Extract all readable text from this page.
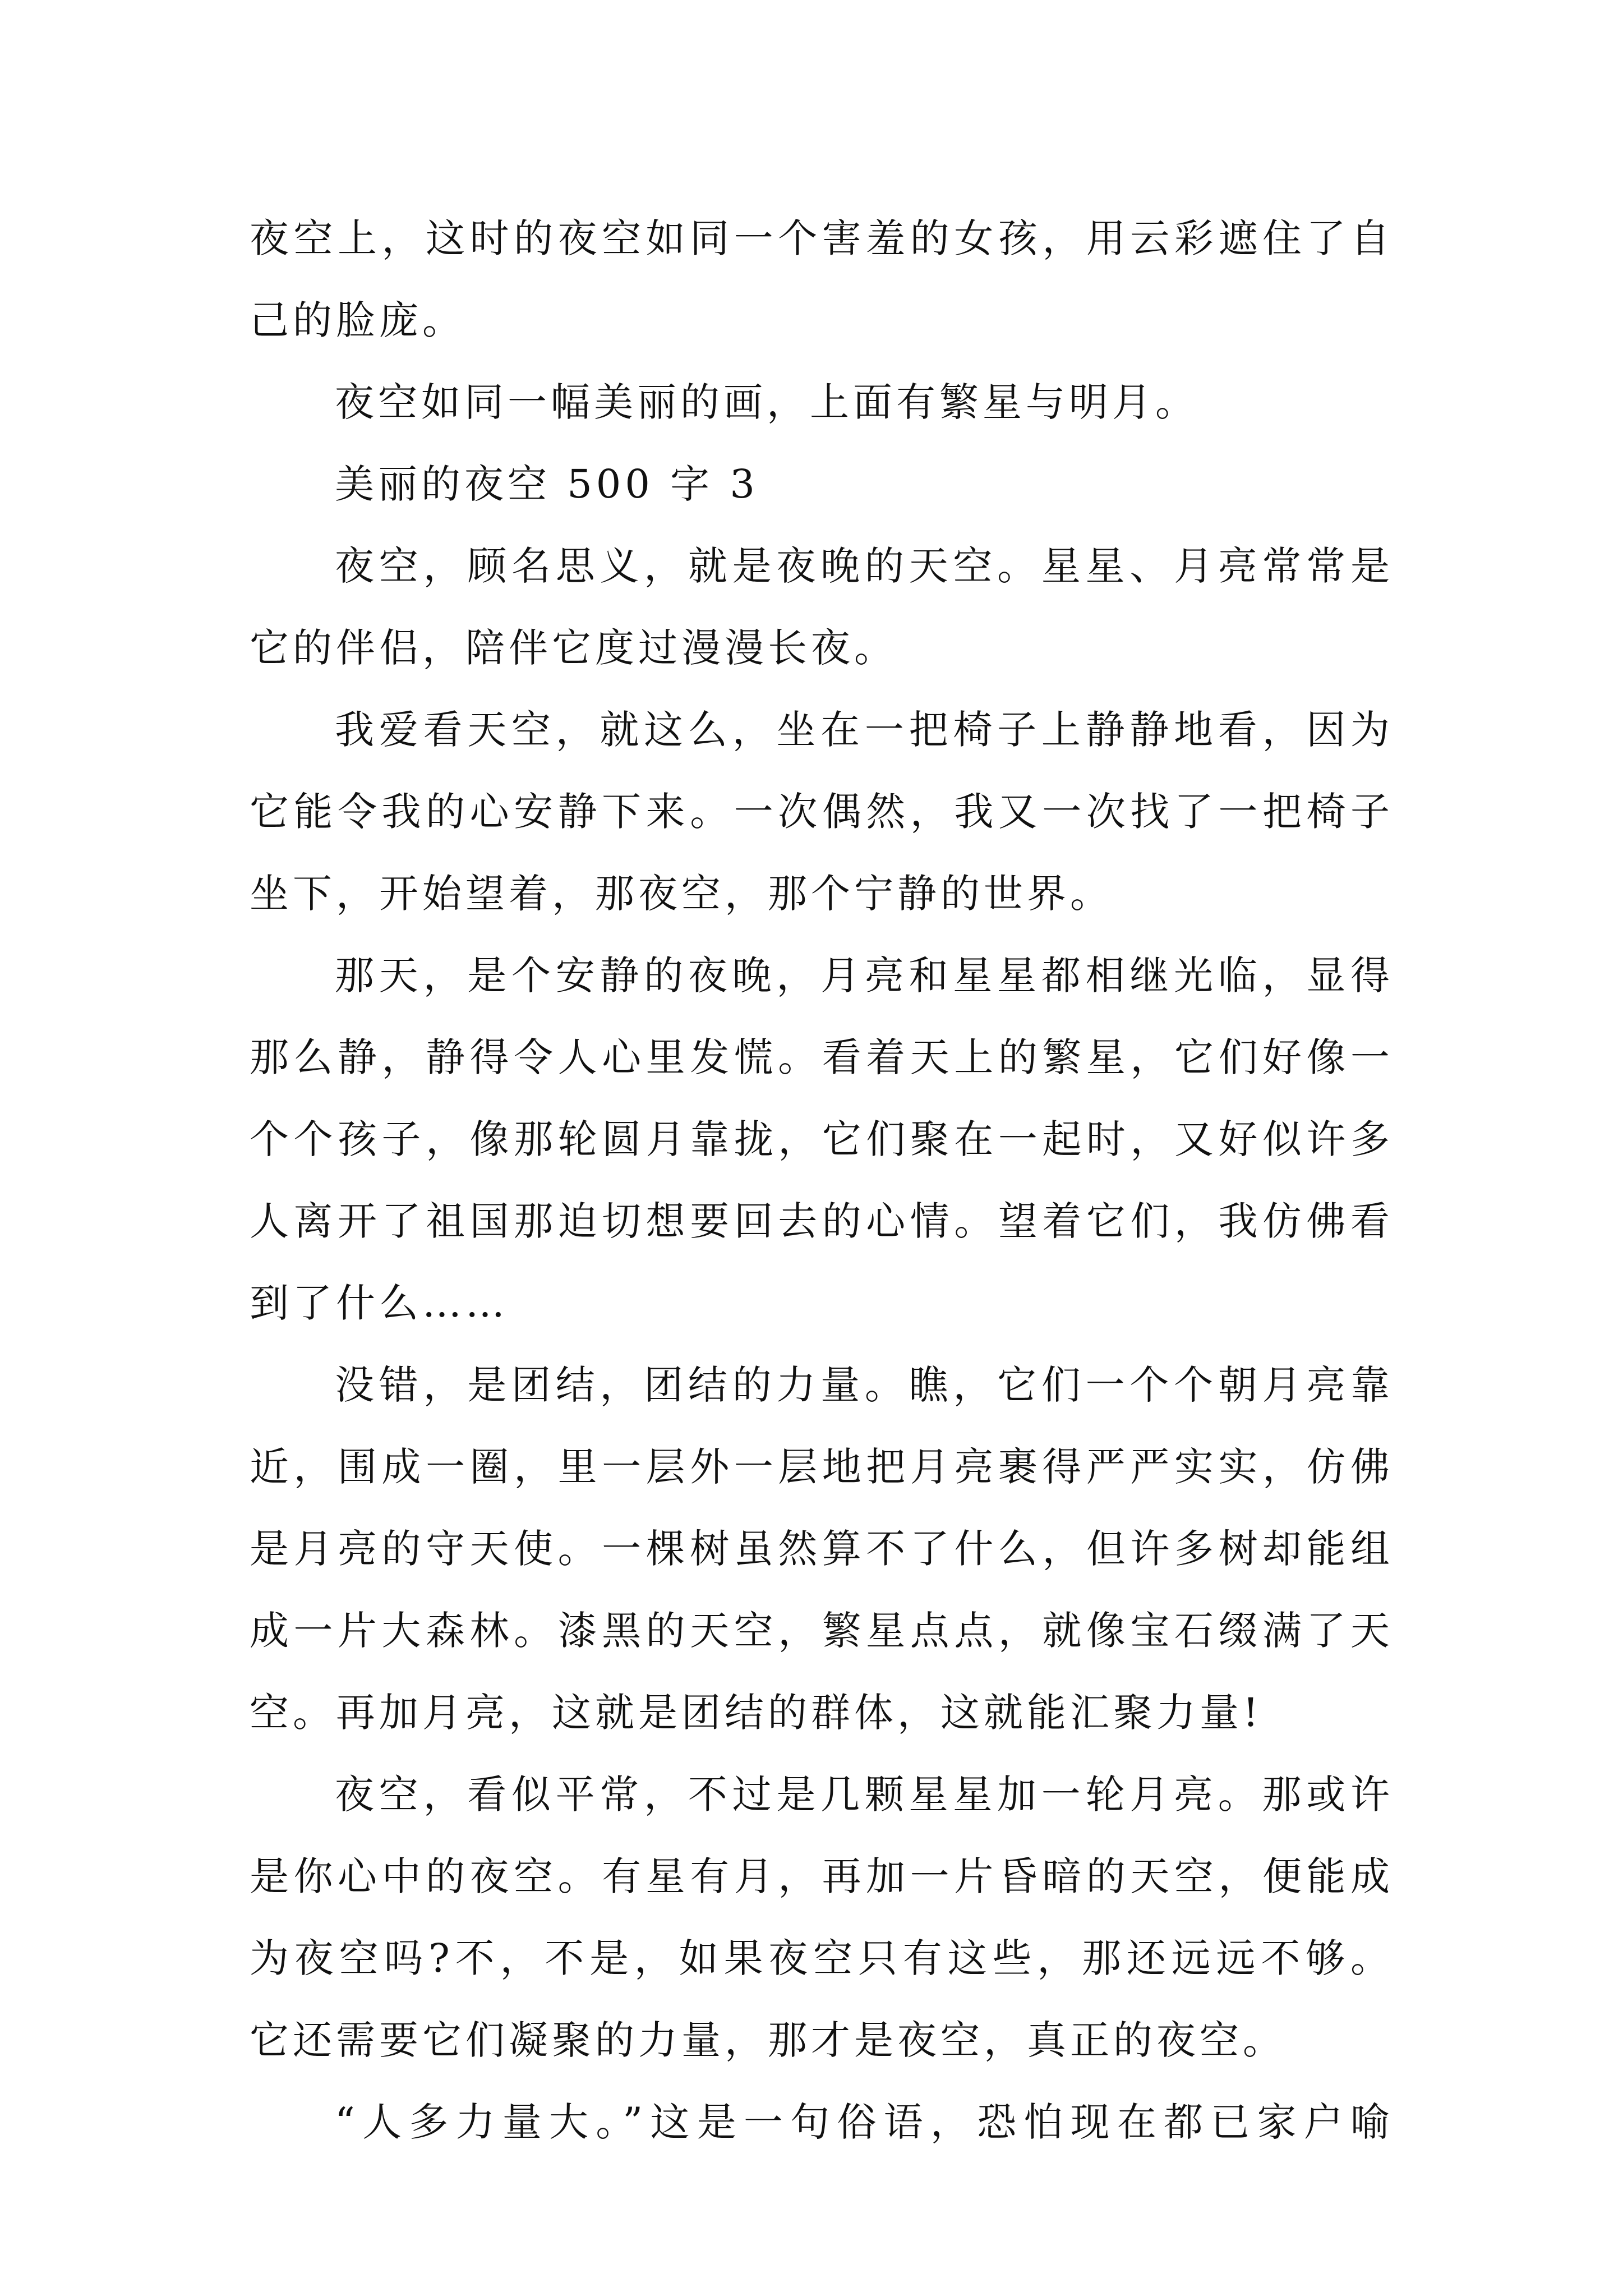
夜空上，这时的夜空如同一个害羞的女孩，用云彩遮住了自
己的脸庞。
夜空如同一幅美丽的画，上面有繁星与明月。
美丽的夜空 500 字 3
夜空，顾名思义，就是夜晚的天空。星星、月亮常常是
它的伴侣，陪伴它度过漫漫长夜。
我爱看天空，就这么，坐在一把椅子上静静地看，因为
它能令我的心安静下来。一次偶然，我又一次找了一把椅子
坐下，开始望着，那夜空，那个宁静的世界。
那天，是个安静的夜晚，月亮和星星都相继光临，显得
那么静，静得令人心里发慌。看着天上的繁星，它们好像一
个个孩子，像那轮圆月靠拢，它们聚在一起时，又好似许多
人离开了祖国那迫切想要回去的心情。望着它们，我仿佛看
到了什么……
没错，是团结，团结的力量。瞧，它们一个个朝月亮靠
近，围成一圈，里一层外一层地把月亮裹得严严实实，仿佛
是月亮的守天使。一棵树虽然算不了什么，但许多树却能组
成一片大森林。漆黑的天空，繁星点点，就像宝石缀满了天
空。再加月亮，这就是团结的群体，这就能汇聚力量!
夜空，看似平常，不过是几颗星星加一轮月亮。那或许
是你心中的夜空。有星有月，再加一片昏暗的天空，便能成
为夜空吗?不，不是，如果夜空只有这些，那还远远不够。
它还需要它们凝聚的力量，那才是夜空，真正的夜空。
“人多力量大。”这是一句俗语，恐怕现在都已家户喻
